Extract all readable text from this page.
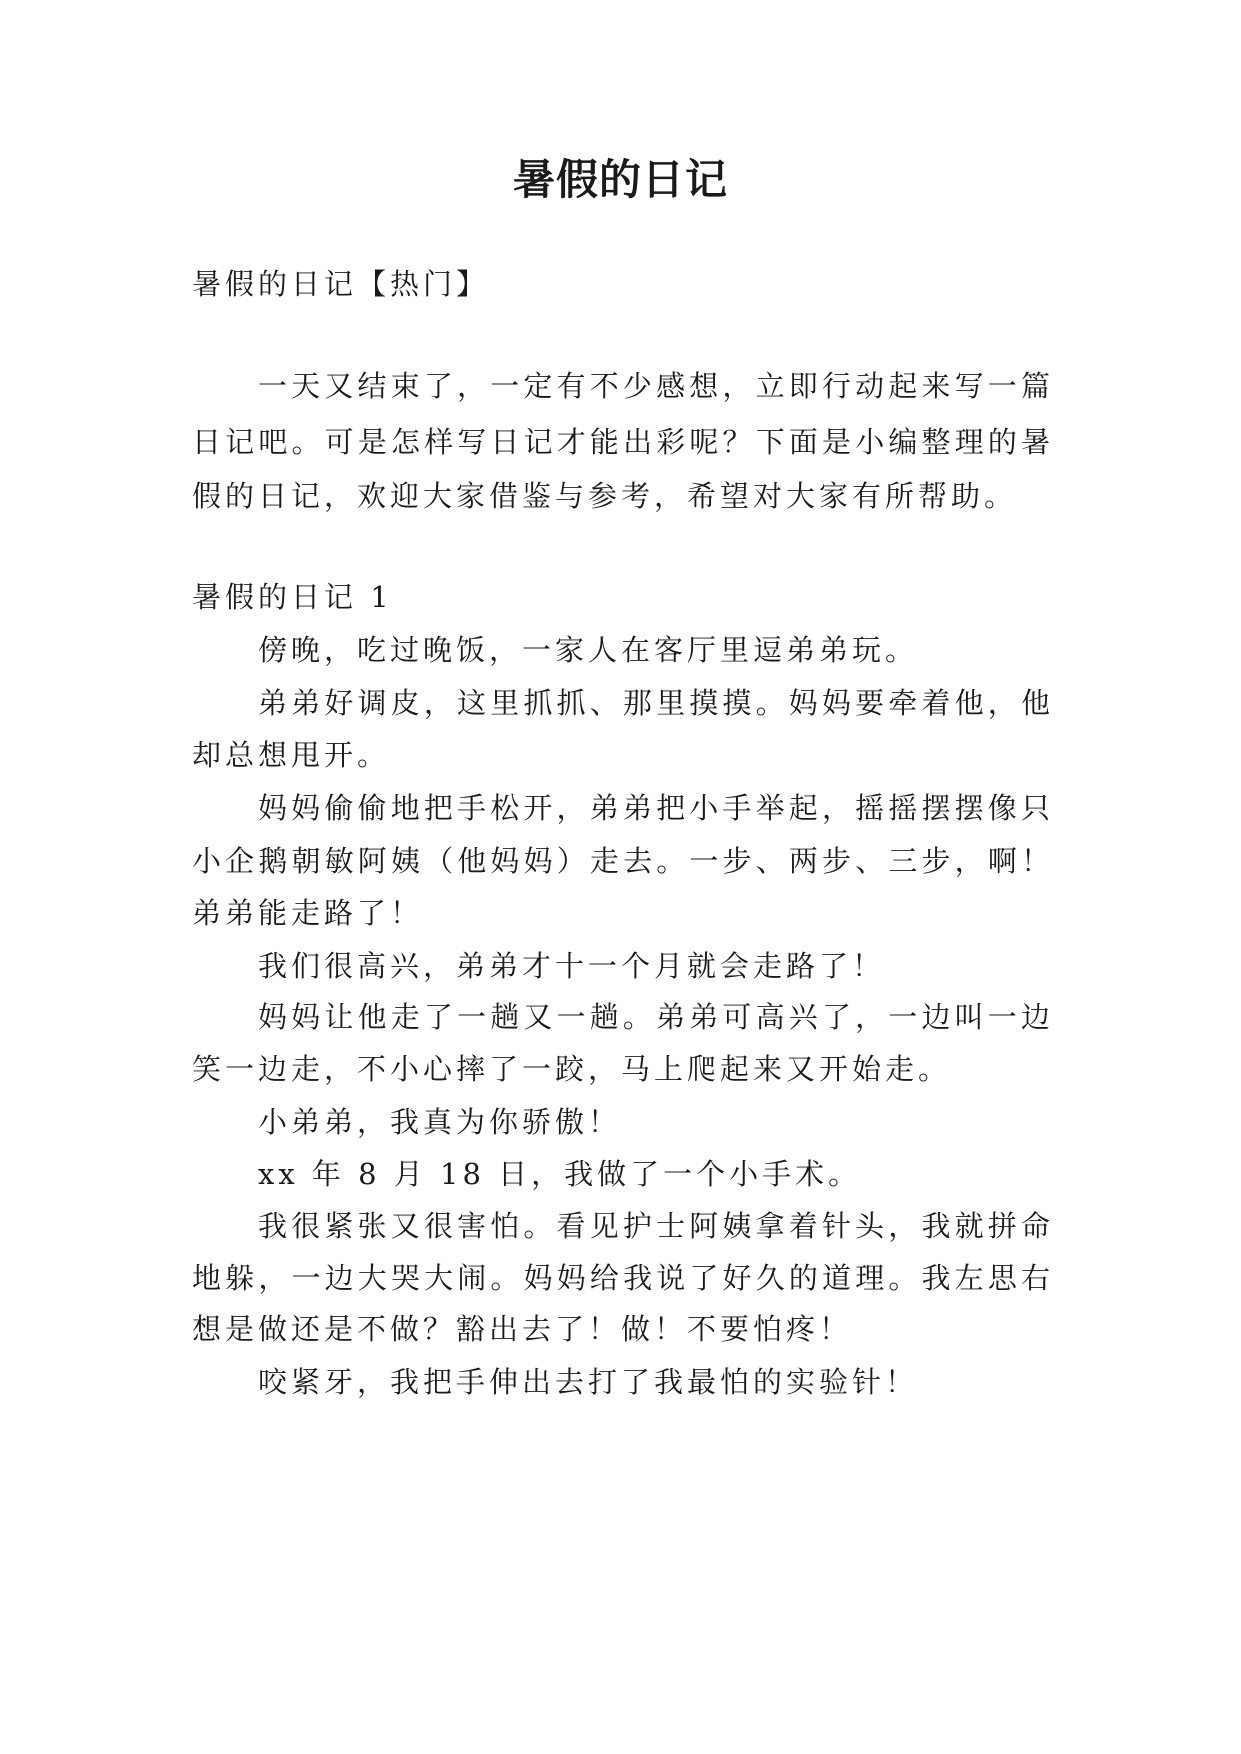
暑假的日记

暑假的日记【热门】

一天又结束了，一定有不少感想，立即行动起来写一篇

日记吧。可是怎样写日记才能出彩呢？下面是小编整理的暑

假的日记，欢迎大家借鉴与参考，希望对大家有所帮助。

暑假的日记 1

傍晚，吃过晚饭，一家人在客厅里逗弟弟玩。

弟弟好调皮，这里抓抓、那里摸摸。妈妈要牵着他，他

却总想甩开。

妈妈偷偷地把手松开，弟弟把小手举起，摇摇摆摆像只

小企鹅朝敏阿姨（他妈妈）走去。一步、两步、三步，啊！

弟弟能走路了！

我们很高兴，弟弟才十一个月就会走路了！

妈妈让他走了一趟又一趟。弟弟可高兴了，一边叫一边

笑一边走，不小心摔了一跤，马上爬起来又开始走。

小弟弟，我真为你骄傲！

xx 年 8 月 18 日，我做了一个小手术。

我很紧张又很害怕。看见护士阿姨拿着针头，我就拼命

地躲，一边大哭大闹。妈妈给我说了好久的道理。我左思右

想是做还是不做？豁出去了！做！不要怕疼！

咬紧牙，我把手伸出去打了我最怕的实验针！
